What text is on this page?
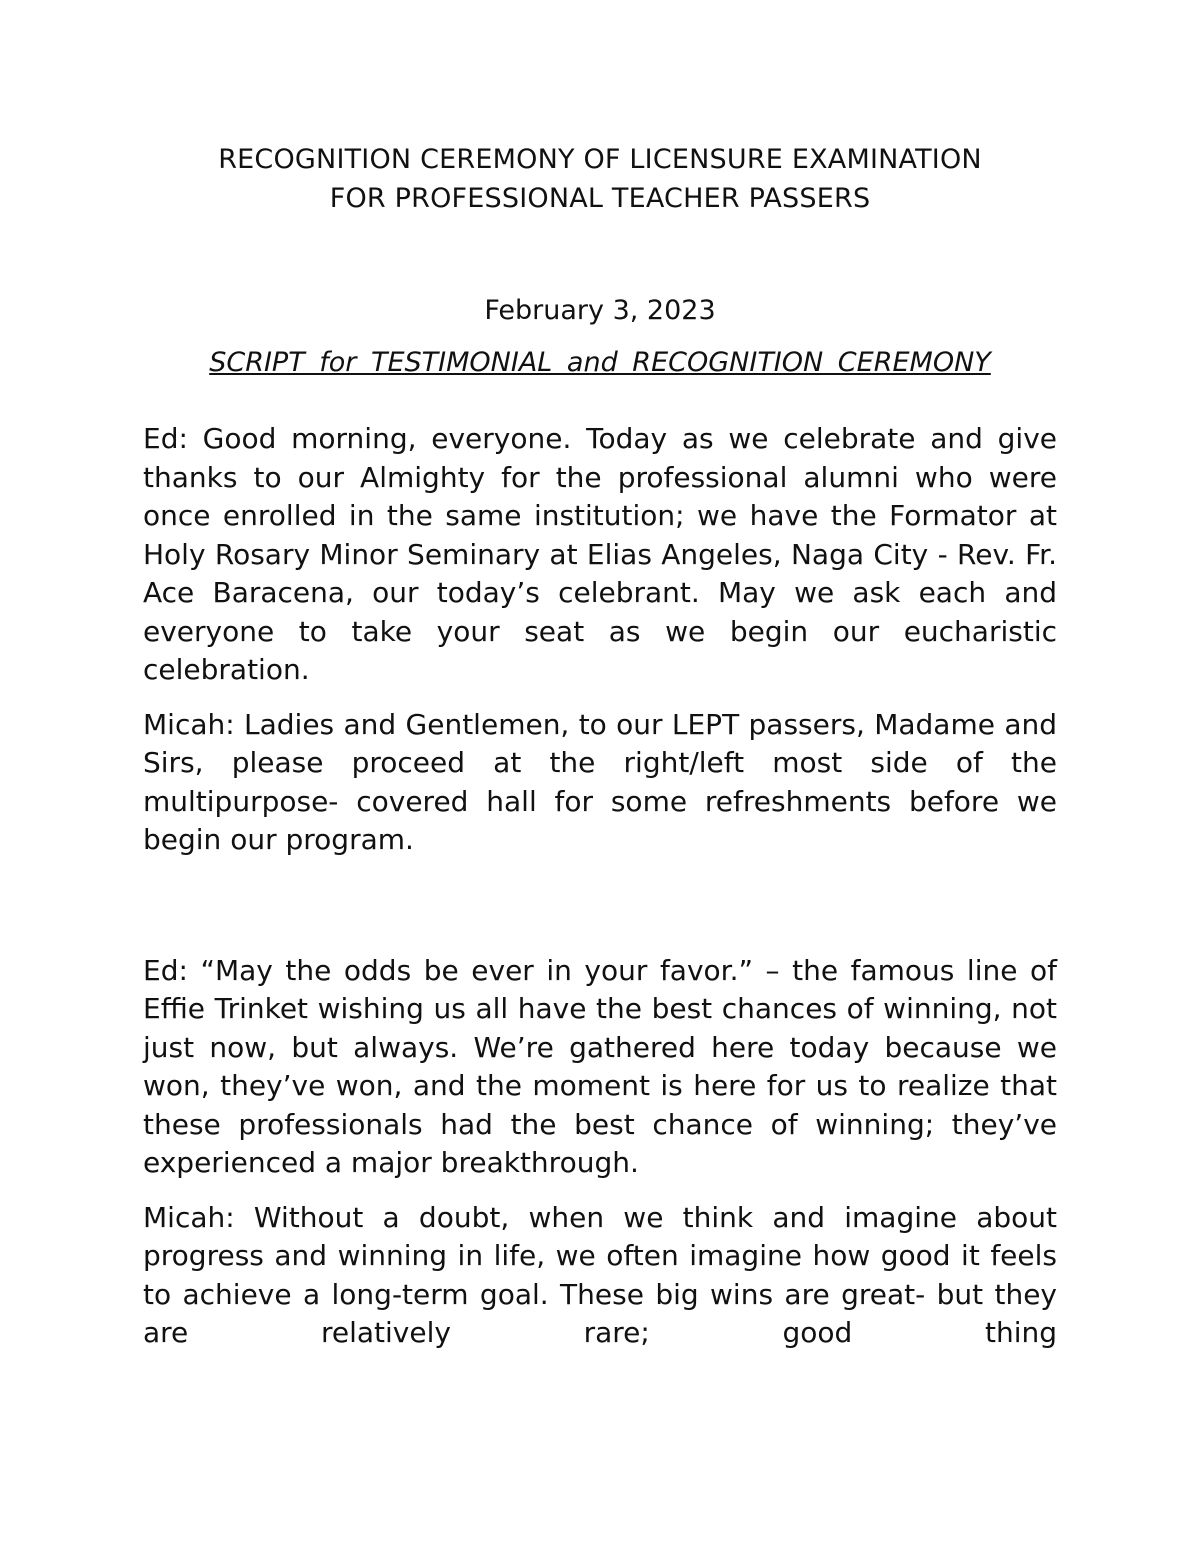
RECOGNITION CEREMONY OF LICENSURE EXAMINATION
FOR PROFESSIONAL TEACHER PASSERS
February 3, 2023
SCRIPT for TESTIMONIAL and RECOGNITION CEREMONY

Ed: Good morning, everyone. Today as we celebrate and give thanks to our Almighty for the professional alumni who were once enrolled in the same institution; we have the Formator at Holy Rosary Minor Seminary at Elias Angeles, Naga City - Rev. Fr. Ace Baracena, our today’s celebrant. May we ask each and everyone to take your seat as we begin our eucharistic celebration.

Micah: Ladies and Gentlemen, to our LEPT passers, Madame and Sirs, please proceed at the right/left most side of the multipurpose- covered hall for some refreshments before we begin our program.

Ed: “May the odds be ever in your favor.” – the famous line of Effie Trinket wishing us all have the best chances of winning, not just now, but always. We’re gathered here today because we won, they’ve won, and the moment is here for us to realize that these professionals had the best chance of winning; they’ve experienced a major breakthrough.

Micah: Without a doubt, when we think and imagine about progress and winning in life, we often imagine how good it feels to achieve a long-term goal. These big wins are great- but they are relatively rare; good thing
